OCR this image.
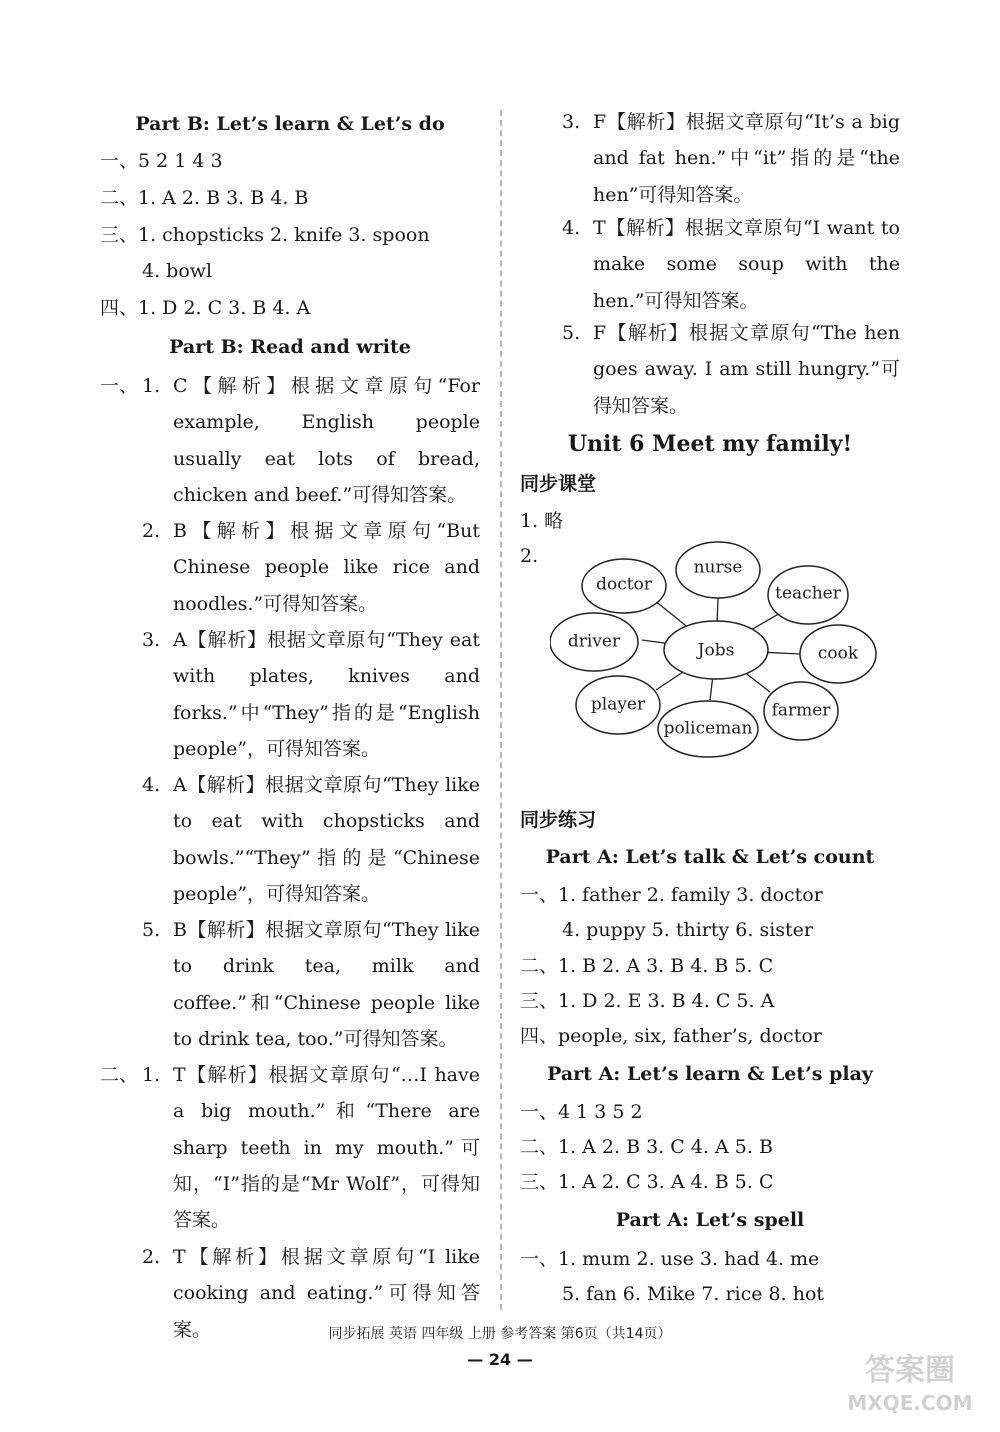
Part B: Let’s learn & Let’s do
一、5 2 1 4 3
二、1. A 2. B 3. B 4. B
三、1. chopsticks 2. knife 3. spoon
4. bowl
四、1. D 2. C 3. B 4. A
Part B: Read and write
一、 1. C【解析】根据文章原句“For example, English people usually eat lots of bread, chicken and beef.”可得知答案。
2. B【解析】根据文章原句“But Chinese people like rice and noodles.”可得知答案。
3. A【解析】根据文章原句“They eat with plates, knives and forks.”中“They”指的是“English people”，可得知答案。
4. A【解析】根据文章原句“They like to eat with chopsticks and bowls.”“They”指的是“Chinese people”，可得知答案。
5. B【解析】根据文章原句“They like to drink tea, milk and coffee.”和“Chinese people like to drink tea, too.”可得知答案。
二、 1. T【解析】根据文章原句“…I have a big mouth.”和“There are sharp teeth in my mouth.”可知，“I”指的是“Mr Wolf”，可得知答案。
2. T【解析】根据文章原句“I like cooking and eating.”可得知答案。
3. F【解析】根据文章原句“It’s a big and fat hen.”中“it”指的是“the hen”可得知答案。
4. T【解析】根据文章原句“I want to make some soup with the hen.”可得知答案。
5. F【解析】根据文章原句“The hen goes away. I am still hungry.”可得知答案。
Unit 6 Meet my family!
同步课堂
1. 略
2.
Jobs
nurse
doctor	teacher
driver
cook
player	farmer
policeman
同步练习
Part A: Let’s talk & Let’s count
一、1. father 2. family 3. doctor
4. puppy 5. thirty 6. sister
二、1. B 2. A 3. B 4. B 5. C
三、1. D 2. E 3. B 4. C 5. A
四、people, six, father’s, doctor
Part A: Let’s learn & Let’s play
一、4 1 3 5 2
二、1. A 2. B 3. C 4. A 5. B
三、1. A 2. C 3. A 4. B 5. C
Part A: Let’s spell
一、1. mum 2. use 3. had 4. me
5. fan 6. Mike 7. rice 8. hot
同步拓展 英语 四年级 上册 参考答案 第6页（共14页）
— 24 —	答案圈
MXQE.COM
